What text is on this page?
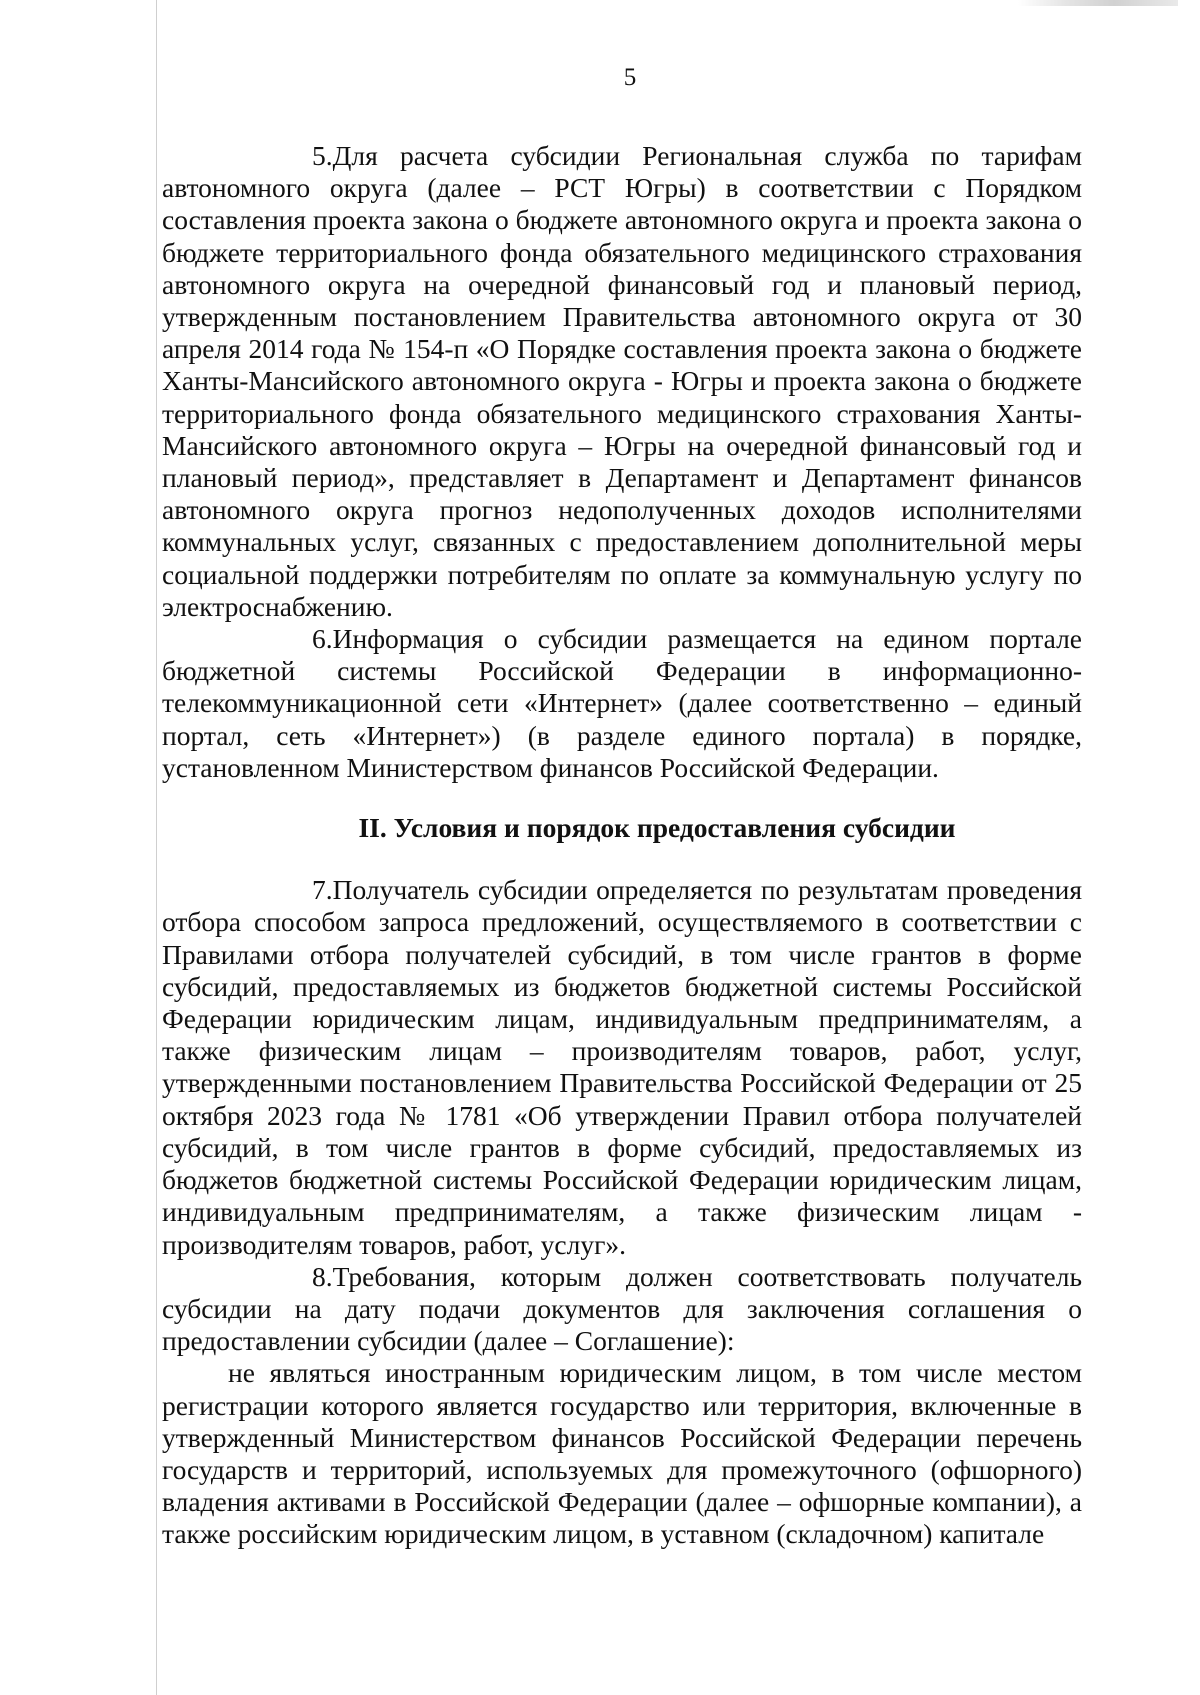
5

5.Для расчета субсидии Региональная служба по тарифам автономного округа (далее – РСТ Югры) в соответствии с Порядком составления проекта закона о бюджете автономного округа и проекта закона о бюджете территориального фонда обязательного медицинского страхования автономного округа на очередной финансовый год и плановый период, утвержденным постановлением Правительства автономного округа от 30 апреля 2014 года № 154-п «О Порядке составления проекта закона о бюджете Ханты-Мансийского автономного округа - Югры и проекта закона о бюджете территориального фонда обязательного медицинского страхования Ханты-Мансийского автономного округа – Югры на очередной финансовый год и плановый период», представляет в Департамент и Департамент финансов автономного округа прогноз недополученных доходов исполнителями коммунальных услуг, связанных с предоставлением дополнительной меры социальной поддержки потребителям по оплате за коммунальную услугу по электроснабжению.

6.Информация о субсидии размещается на едином портале бюджетной системы Российской Федерации в информационно-телекоммуникационной сети «Интернет» (далее соответственно – единый портал, сеть «Интернет») (в разделе единого портала) в порядке, установленном Министерством финансов Российской Федерации.

II. Условия и порядок предоставления субсидии

7.Получатель субсидии определяется по результатам проведения отбора способом запроса предложений, осуществляемого в соответствии с Правилами отбора получателей субсидий, в том числе грантов в форме субсидий, предоставляемых из бюджетов бюджетной системы Российской Федерации юридическим лицам, индивидуальным предпринимателям, а также физическим лицам – производителям товаров, работ, услуг, утвержденными постановлением Правительства Российской Федерации от 25 октября 2023 года № 1781 «Об утверждении Правил отбора получателей субсидий, в том числе грантов в форме субсидий, предоставляемых из бюджетов бюджетной системы Российской Федерации юридическим лицам, индивидуальным предпринимателям, а также физическим лицам - производителям товаров, работ, услуг».

8.Требования, которым должен соответствовать получатель субсидии на дату подачи документов для заключения соглашения о предоставлении субсидии (далее – Соглашение):

не являться иностранным юридическим лицом, в том числе местом регистрации которого является государство или территория, включенные в утвержденный Министерством финансов Российской Федерации перечень государств и территорий, используемых для промежуточного (офшорного) владения активами в Российской Федерации (далее – офшорные компании), а также российским юридическим лицом, в уставном (складочном) капитале
